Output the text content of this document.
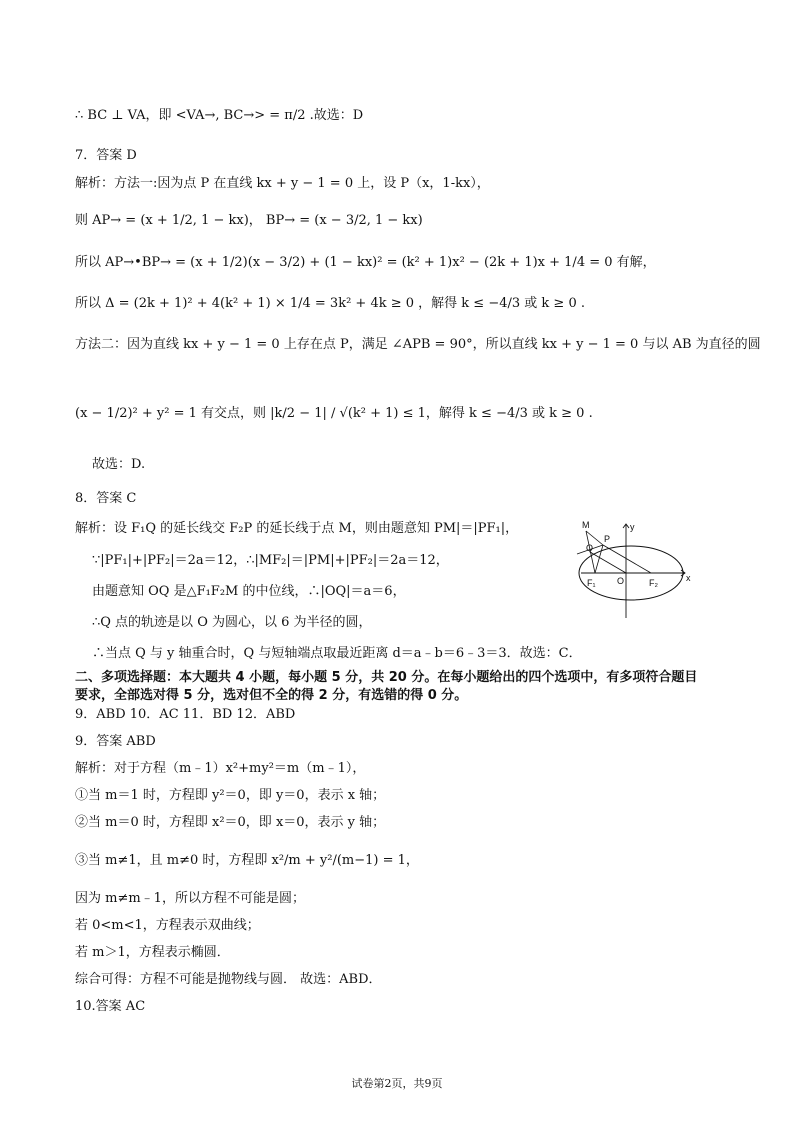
∴ BC ⊥ VA，即 <VA→, BC→> = π/2 .故选：D
7．答案 D
解析：方法一:因为点 P 在直线 kx + y − 1 = 0 上，设 P（x，1-kx），
则 AP→ = (x + 1/2, 1 − kx)， BP→ = (x − 3/2, 1 − kx)
所以 AP→•BP→ = (x + 1/2)(x − 3/2) + (1 − kx)² = (k² + 1)x² − (2k + 1)x + 1/4 = 0 有解，
所以 Δ = (2k + 1)² + 4(k² + 1) × 1/4 = 3k² + 4k ≥ 0 ，解得 k ≤ −4/3 或 k ≥ 0 .
方法二：因为直线 kx + y − 1 = 0 上存在点 P，满足 ∠APB = 90°，所以直线 kx + y − 1 = 0 与以 AB 为直径的圆
(x − 1/2)² + y² = 1 有交点，则 |k/2 − 1| / √(k² + 1) ≤ 1，解得 k ≤ −4/3 或 k ≥ 0 .
故选：D.
8．答案 C
解析：设 F₁Q 的延长线交 F₂P 的延长线于点 M，则由题意知 PM|＝|PF₁|，
∵|PF₁|+|PF₂|＝2a＝12，∴|MF₂|＝|PM|+|PF₂|＝2a＝12，
由题意知 OQ 是△F₁F₂M 的中位线，∴|OQ|＝a＝6，
∴Q 点的轨迹是以 O 为圆心，以 6 为半径的圆，
∴当点 Q 与 y 轴重合时，Q 与短轴端点取最近距离 d＝a﹣b＝6﹣3＝3．故选：C．
二、多项选择题：本大题共 4 小题，每小题 5 分，共 20 分。在每小题给出的四个选项中，有多项符合题目
要求，全部选对得 5 分，选对但不全的得 2 分，有选错的得 0 分。
9．ABD 10．AC 11．BD 12．ABD
9．答案 ABD
解析：对于方程（m﹣1）x²+my²＝m（m﹣1），
①当 m＝1 时，方程即 y²＝0，即 y＝0，表示 x 轴；
②当 m＝0 时，方程即 x²＝0，即 x＝0，表示 y 轴；
③当 m≠1，且 m≠0 时，方程即 x²/m + y²/(m−1) = 1，
因为 m≠m﹣1，所以方程不可能是圆；
若 0<m<1，方程表示双曲线；
若 m＞1，方程表示椭圆．
综合可得：方程不可能是抛物线与圆． 故选：ABD．
10.答案 AC
M	y
P
Q
F₁ O	F₂	x
试卷第2页，共9页
